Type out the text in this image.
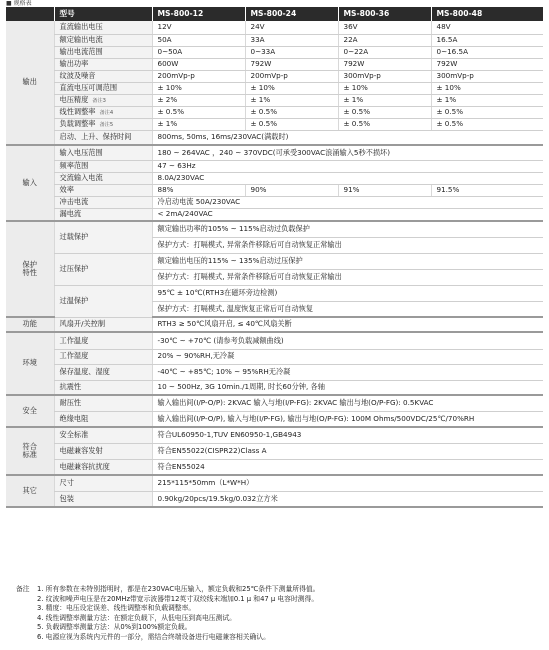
■ 规格表
	型号	MS-800-12	MS-800-24	MS-800-36	MS-800-48
输出	直流输出电压	12V	24V	36V	48V
	额定输出电流	50A	33A	22A	16.5A
	输出电流范围	0~50A	0~33A	0~22A	0~16.5A
	输出功率	600W	792W	792W	792W
	纹波及噪音	200mVp-p	200mVp-p	300mVp-p	300mVp-p
	直流电压可调范围	± 10%	± 10%	± 10%	± 10%
	电压精度 备注3	± 2%	± 1%	± 1%	± 1%
	线性调整率 备注4	± 0.5%	± 0.5%	± 0.5%	± 0.5%
	负载调整率 备注5	± 1%	± 0.5%	± 0.5%	± 0.5%
	启动、上升、保持时间	800ms, 50ms, 16ms/230VAC(满载时)			
输入	输入电压范围	180 ~ 264VAC ，240 ~ 370VDC(可承受300VAC浪涌输入5秒不损坏)			
	频率范围	47 ~ 63Hz			
	交流输入电流	8.0A/230VAC			
	效率	88%	90%	91%	91.5%
	冲击电流	冷启动电流 50A/230VAC			
	漏电流	< 2mA/240VAC			
保护
特性	过载保护	额定输出功率的105% ~ 115%启动过负载保护			
		保护方式：打嗝模式, 异常条件移除后可自动恢复正常输出			
	过压保护	额定输出电压的115% ~ 135%启动过压保护			
		保护方式：打嗝模式, 异常条件移除后可自动恢复正常输出			
	过温保护	95℃ ± 10℃(RTH3在磁环旁边检测)			
		保护方式：打嗝模式, 温度恢复正常后可自动恢复			
功能	风扇开/关控制	RTH3 ≥ 50℃风扇开启, ≤ 40℃风扇关断			
环境	工作温度	-30℃ ~ +70℃ (请参考负载减额曲线)			
	工作湿度	20% ~ 90%RH,无冷凝			
	保存温度、湿度	-40℃ ~ +85℃; 10% ~ 95%RH无冷凝			
	抗震性	10 ~ 500Hz, 3G 10min./1周期, 时长60分钟, 各轴			
安全	耐压性	输入输出间(I/P-O/P): 2KVAC 输入与地(I/P-FG): 2KVAC 输出与地(O/P-FG): 0.5KVAC			
	绝缘电阻	输入输出间(I/P-O/P), 输入与地(I/P-FG), 输出与地(O/P-FG): 100M Ohms/500VDC/25℃/70%RH			
符合
标准	安全标准	符合UL60950-1,TUV EN60950-1,GB4943			
	电磁兼容发射	符合EN55022(CISPR22)Class A			
	电磁兼容抗扰度	符合EN55024			
其它	尺寸	215*115*50mm（L*W*H）			
	包装	0.90kg/20pcs/19.5kg/0.032立方米			
备注 1. 所有参数在未特别指明时，都是在230VAC电压输入，额定负载和25℃条件下测量所得值。
2. 纹波和噪声电压是在20MHz带宽示波器带12英寸双绞线末端加0.1 μ 和47 μ 电容时测得。
3. 精度：电压设定误差、线性调整率和负载调整率。
4. 线性调整率测量方法：在额定负载下，从低电压到高电压测试。
5. 负载调整率测量方法：从0%到100%额定负载。
6. 电源应视为系统内元件的一部分，需结合终端设备进行电磁兼容相关确认。
